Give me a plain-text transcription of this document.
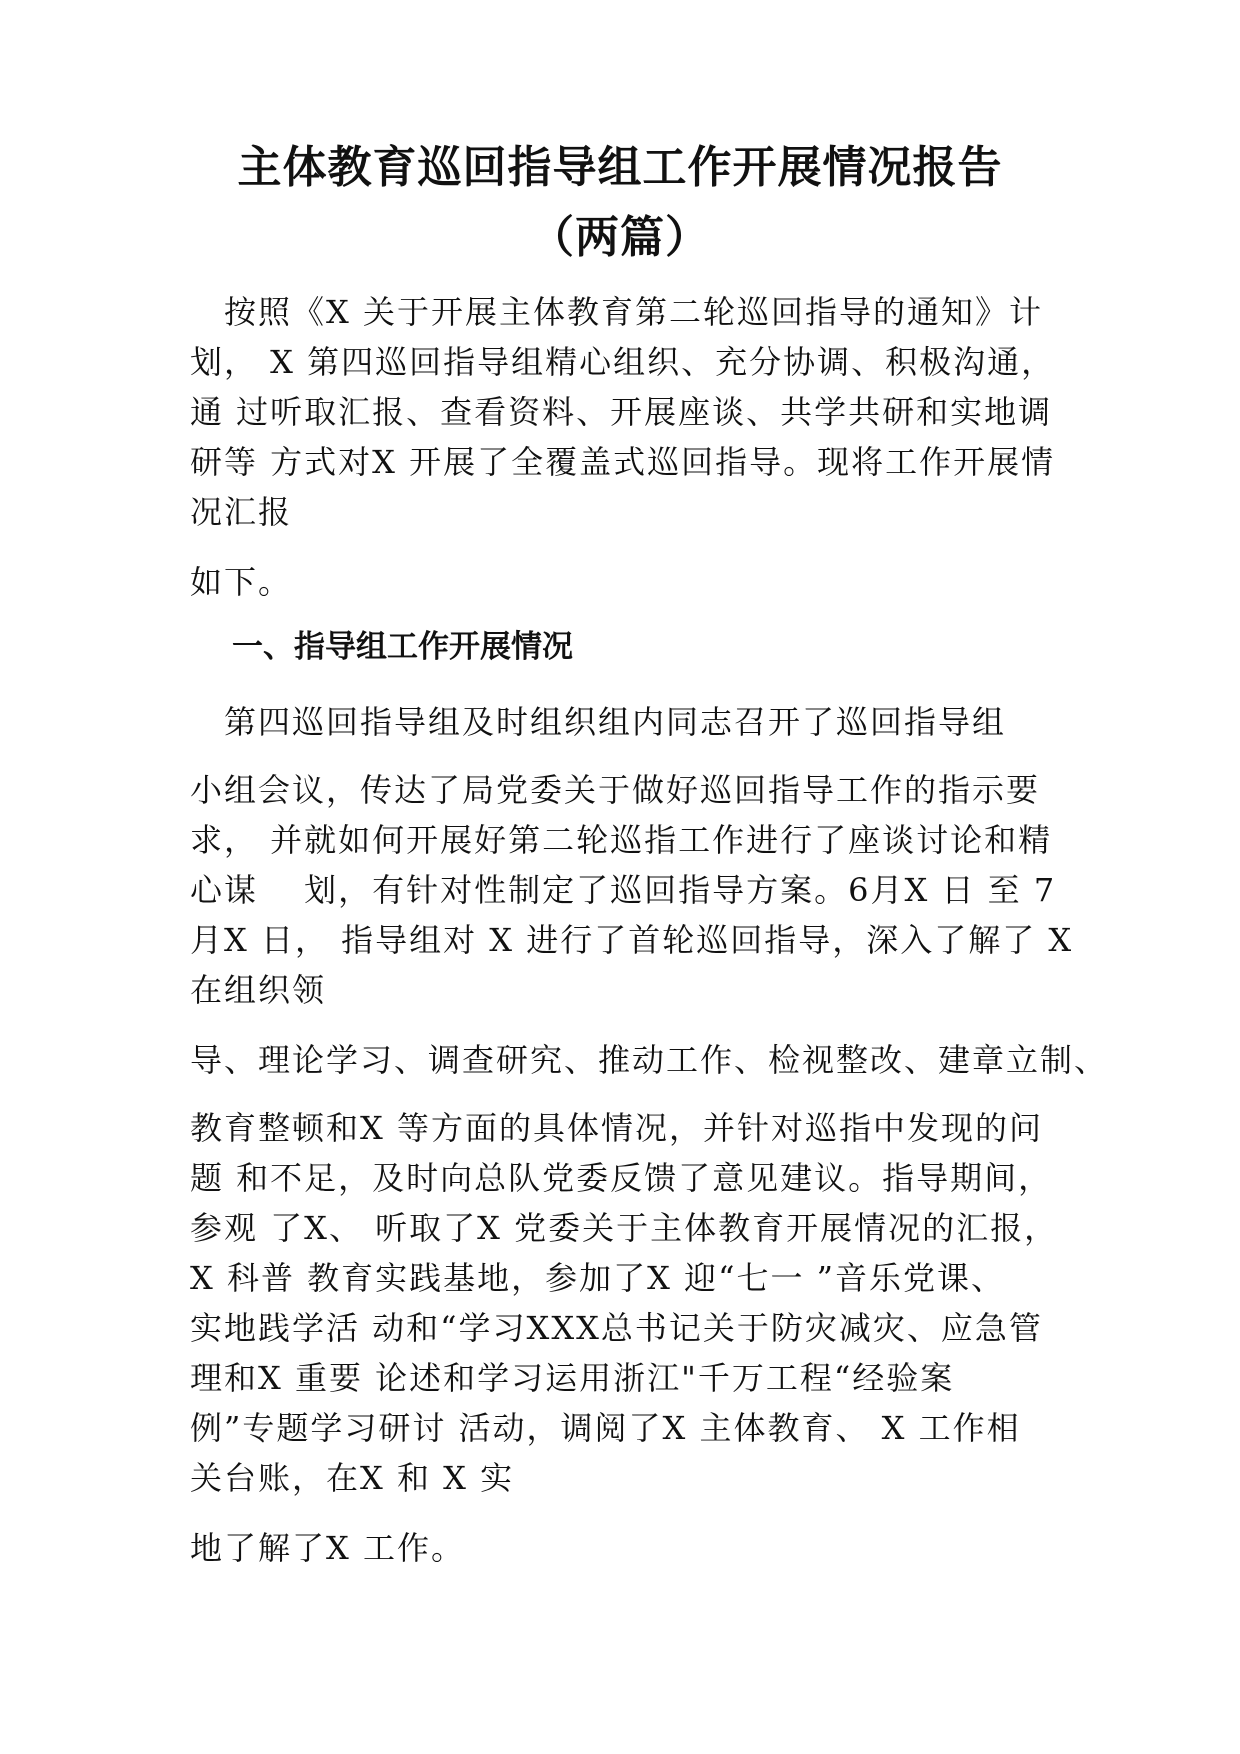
主体教育巡回指导组工作开展情况报告
（两篇）
　按照《X 关于开展主体教育第二轮巡回指导的通知》计
划， X 第四巡回指导组精心组织、充分协调、积极沟通，
通 过听取汇报、查看资料、开展座谈、共学共研和实地调
研等 方式对X 开展了全覆盖式巡回指导。现将工作开展情
况汇报
如下。
一、指导组工作开展情况
　第四巡回指导组及时组织组内同志召开了巡回指导组
小组会议，传达了局党委关于做好巡回指导工作的指示要
求， 并就如何开展好第二轮巡指工作进行了座谈讨论和精
心谋　 划，有针对性制定了巡回指导方案。6月X 日 至 7
月X 日， 指导组对 X 进行了首轮巡回指导，深入了解了 X
在组织领
导、理论学习、调查研究、推动工作、检视整改、建章立制、
教育整顿和X 等方面的具体情况，并针对巡指中发现的问
题 和不足，及时向总队党委反馈了意见建议。指导期间，
参观 了X、 听取了X 党委关于主体教育开展情况的汇报，
X 科普 教育实践基地，参加了X 迎“七一 ”音乐党课、
实地践学活 动和“学习XXX总书记关于防灾减灾、应急管
理和X 重要 论述和学习运用浙江"千万工程“经验案
例”专题学习研讨 活动，调阅了X 主体教育、 X 工作相
关台账，在X 和 X 实
地了解了X 工作。
